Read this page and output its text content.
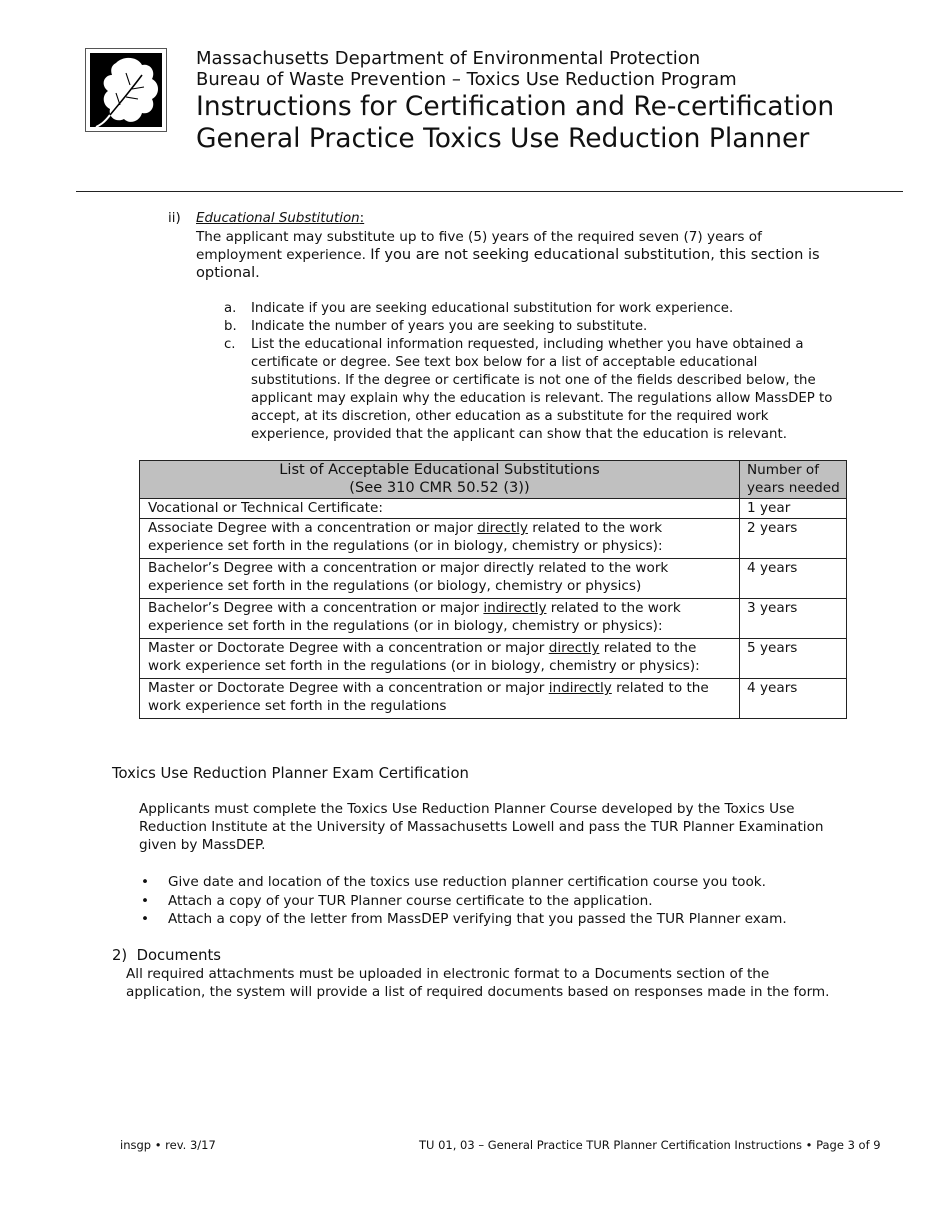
Massachusetts Department of Environmental Protection
Bureau of Waste Prevention – Toxics Use Reduction Program
Instructions for Certification and Re-certification
General Practice Toxics Use Reduction Planner
ii) Educational Substitution:
The applicant may substitute up to five (5) years of the required seven (7) years of employment experience. If you are not seeking educational substitution, this section is optional.
a. Indicate if you are seeking educational substitution for work experience.
b. Indicate the number of years you are seeking to substitute.
c. List the educational information requested, including whether you have obtained a certificate or degree. See text box below for a list of acceptable educational substitutions. If the degree or certificate is not one of the fields described below, the applicant may explain why the education is relevant. The regulations allow MassDEP to accept, at its discretion, other education as a substitute for the required work experience, provided that the applicant can show that the education is relevant.
List of Acceptable Educational Substitutions
(See 310 CMR 50.52 (3))	Number of years needed
Vocational or Technical Certificate:	1 year
Associate Degree with a concentration or major directly related to the work experience set forth in the regulations (or in biology, chemistry or physics):	2 years
Bachelor’s Degree with a concentration or major directly related to the work experience set forth in the regulations (or biology, chemistry or physics)	4 years
Bachelor’s Degree with a concentration or major indirectly related to the work experience set forth in the regulations (or in biology, chemistry or physics):	3 years
Master or Doctorate Degree with a concentration or major directly related to the work experience set forth in the regulations (or in biology, chemistry or physics):	5 years
Master or Doctorate Degree with a concentration or major indirectly related to the work experience set forth in the regulations	4 years
Toxics Use Reduction Planner Exam Certification
Applicants must complete the Toxics Use Reduction Planner Course developed by the Toxics Use Reduction Institute at the University of Massachusetts Lowell and pass the TUR Planner Examination given by MassDEP.
• Give date and location of the toxics use reduction planner certification course you took.
• Attach a copy of your TUR Planner course certificate to the application.
• Attach a copy of the letter from MassDEP verifying that you passed the TUR Planner exam.
2)  Documents
All required attachments must be uploaded in electronic format to a Documents section of the application, the system will provide a list of required documents based on responses made in the form.
insgp • rev. 3/17	TU 01, 03 – General Practice TUR Planner Certification Instructions • Page 3 of 9
